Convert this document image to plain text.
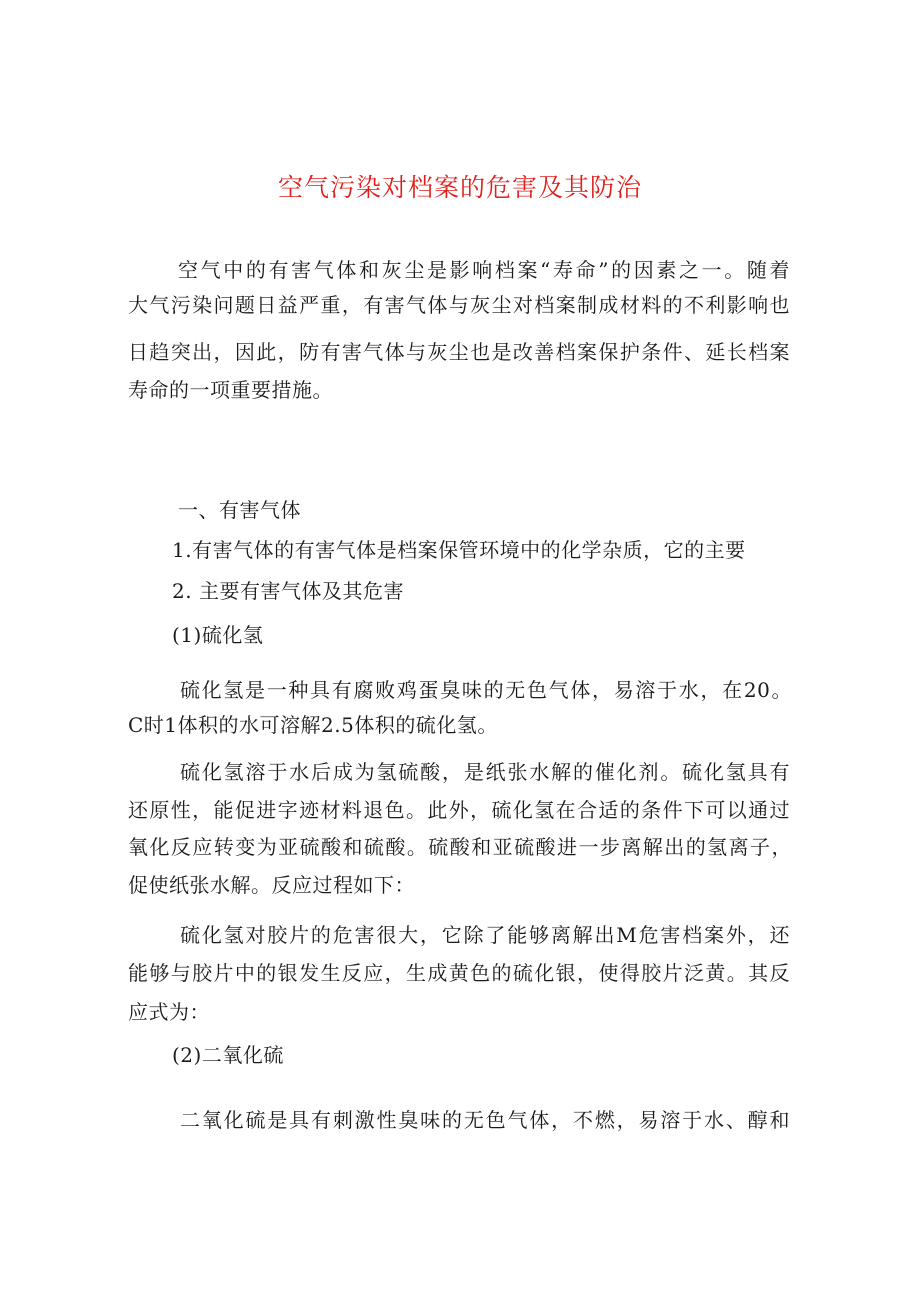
空气污染对档案的危害及其防治
空气中的有害气体和灰尘是影响档案“寿命”的因素之一。随着
大气污染问题日益严重，有害气体与灰尘对档案制成材料的不利影响也
日趋突出，因此，防有害气体与灰尘也是改善档案保护条件、延长档案
寿命的一项重要措施。
一、有害气体
1.有害气体的有害气体是档案保管环境中的化学杂质，它的主要
2. 主要有害气体及其危害
(1)硫化氢
硫化氢是一种具有腐败鸡蛋臭味的无色气体，易溶于水，在20。
C时1体积的水可溶解2.5体积的硫化氢。
硫化氢溶于水后成为氢硫酸，是纸张水解的催化剂。硫化氢具有
还原性，能促进字迹材料退色。此外，硫化氢在合适的条件下可以通过
氧化反应转变为亚硫酸和硫酸。硫酸和亚硫酸进一步离解出的氢离子，
促使纸张水解。反应过程如下：
硫化氢对胶片的危害很大，它除了能够离解出M危害档案外，还
能够与胶片中的银发生反应，生成黄色的硫化银，使得胶片泛黄。其反
应式为：
(2)二氧化硫
二氧化硫是具有刺激性臭味的无色气体，不燃，易溶于水、醇和
